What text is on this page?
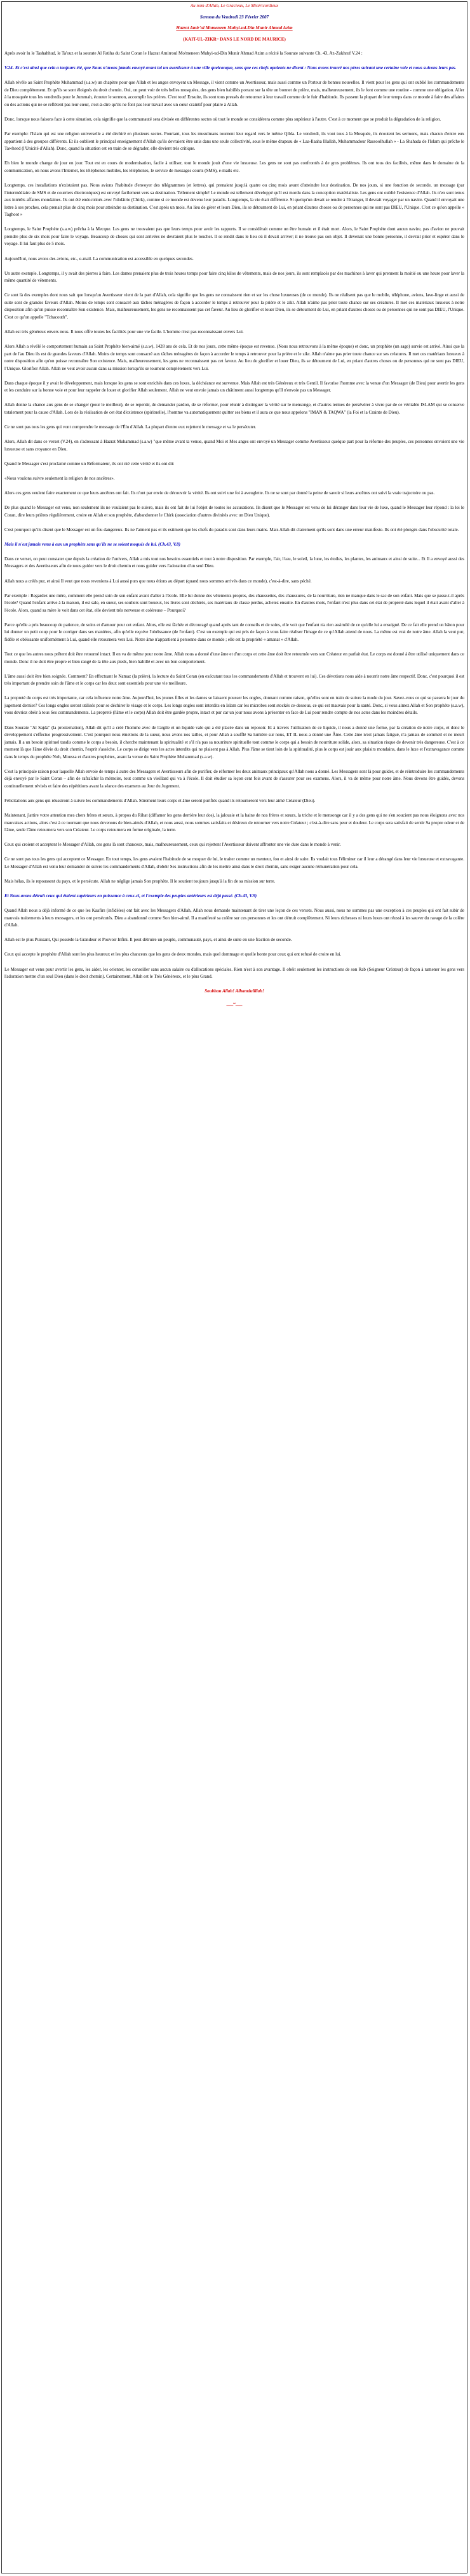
Au nom d'Allah, Le Gracieux, Le Miséricordieux
Sermon du Vendredi 23 Février 2007
Hazrat Amir'ul Momeneen Muhyi-ud-Din Munir Ahmad Azim
(KAIT-UL-ZIKR~ DANS LE NORD DE MAURICE)

Après avoir lu le Tashahhud, le Ta'ouz et la sourate Al Fatiha du Saint Coran le Hazrat Amirroul Mo'meneen Muhyi-ud-Din Munir Ahmad Azim a récité la Sourate suivante Ch. 43, Az-Zukhruf V.24 :

V.24- Et c'est ainsi que cela a toujours été, que Nous n'avons jamais envoyé avant toi un avertisseur à une ville quelconque, sans que ces chefs opulents ne disent : Nous avons trouvé nos pères suivant une certaine voie et nous suivons leurs pas.

Allah révèle au Saint Prophète Muhammad (s.a.w) un chapitre pour que Allah et les anges envoyent un Message, il vient comme un Avertisseur, mais aussi comme un Porteur de bonnes nouvelles. Il vient pour les gens qui ont oublié les commandements de Dieu complètement. Et qu'ils se sont éloignés du droit chemin. Oui, on peut voir de très belles mosquées, des gens bien habillés portant sur la tête un bonnet de prière, mais, malheureusement, ils le font comme une routine - comme une obligation. Aller à la mosquée tous les vendredis pour le Jummah, écouter le sermon, accomplir les prières. C'est tout! Ensuite, ils sont tous pressés de retourner à leur travail comme de le fuir d'habitude. Ils passent la plupart de leur temps dans ce monde à faire des affaires ou des actions qui ne se reflètent pas leur cœur, c'est-à-dire qu'ils ne font pas leur travail avec un cœur craintif pour plaire à Allah.

Donc, lorsque nous faisons face à cette situation, cela signifie que la communauté sera divisée en différentes sectes où tout le monde se considérera comme plus supérieur à l'autre. C'est à ce moment que se produit la dégradation de la religion.

Par exemple: l'Islam qui est une religion universelle a été déchiré en plusieurs sectes. Pourtant, tous les musulmans tournent leur regard vers le même Qibla. Le vendredi, ils vont tous à la Mosquée, ils écoutent les sermons, mais chacun d'entre eux appartient à des groupes différents. Et ils oublient le principal enseignement d'Allah qu'ils devraient être unis dans une seule collectivité, sous le même drapeau de « Laa-Ilaaha Illallah, Muhammadour Rassoolhullah » - La Shahada de l'Islam qui prêche le Tawheed (l'Unicité d'Allah). Donc, quand la situation est en train de se dégrader, elle devient très critique.

Eh bien le monde change de jour en jour. Tout est en cours de modernisation, facile à utiliser, tout le monde jouit d'une vie luxueuse. Les gens ne sont pas confrontés à de gros problèmes. Ils ont tous des facilités, même dans le domaine de la communication, où nous avons l'Internet, les téléphones mobiles, les téléphones, le service de messages courts (SMS), e-mails etc.

Longtemps, ces installations n'existaient pas. Nous avions l'habitude d'envoyer des télégrammes (et lettres), qui prenaient jusqu'à quatre ou cinq mois avant d'atteindre leur destination. De nos jours, si une fonction de seconde, un message (par l'intermédiaire de SMS et de courriers électroniques) est envoyé facilement vers sa destination. Tellement simple! Le monde est tellement développé qu'il est mordu dans la conception matérialiste. Les gens ont oublié l'existence d'Allah. Ils n'en sont tenus aux intérêts affaires mondaines. Ils ont été endoctrinés avec l'idolâtrie (Chirk), comme si ce monde est devenu leur paradis. Longtemps, la vie était différente. Si quelqu'un devait se rendre à l'étranger, il devrait voyager par un navire. Quand il envoyait une lettre à ses proches, cela prenait plus de cinq mois pour atteindre sa destination. C'est après un mois. Au lieu de gérer et leurs Dieu, ils se détournent de Lui, en priant d'autres choses ou de personnes qui ne sont pas DIEU, l'Unique. C'est ce qu'on appelle « Taghoot »

Longtemps, le Saint Prophète (s.a.w) prêcha à la Mecque. Les gens ne trouvaient pas que leurs temps pour avoir les rapports. Il se considérait comme un être humain et il était mort. Alors, le Saint Prophète dont aucun navire, pas d'avion ne pouvait prendre plus de six mois pour faire le voyage. Beaucoup de choses qui sont arrivées ne devraient plus le toucher. Il se rendit dans le lieu où il devait arriver; il ne trouve pas son objet. Il devenait une bonne personne, il devrait prier et espérer dans le voyage. Il lui faut plus de 5 mois.

Aujourd'hui, nous avons des avions, etc., e-mail. La communication est accessible en quelques secondes.

Un autre exemple. Longtemps, il y avait des pierres à faire. Les dames prenaient plus de trois heures temps pour faire cinq kilos de vêtements, mais de nos jours, ils sont remplacés par des machines à laver qui prennent la moitié ou une heure pour laver la même quantité de vêtements.

Ce sont là des exemples dont nous sait que lorsqu'un Avertisseur vient de la part d'Allah, cela signifie que les gens ne connaissent rien et sur les chose luxueuses (de ce monde). Ils ne réalisent pas que le mobile, téléphone, avions, lave-linge et aussi de suite sont de grandes faveurs d'Allah. Moins de temps sont consacré aux tâches ménagères de façon à accorder le temps à retrouver pour la prière et le zikr. Allah n'aime pas prier toute chance sur ses créatures. Il met ces matériaux luxueux à notre disposition afin qu'on puisse reconnaître Son existence. Mais, malheureusement, les gens ne reconnaissent pas cet faveur. Au lieu de glorifier et louer Dieu, ils se détournent de Lui, en priant d'autres choses ou de personnes qui ne sont pas DIEU, l'Unique. C'est ce qu'on appelle "Tchacouth".

Allah est très généreux envers nous. Il nous offre toutes les facilités pour une vie facile. L'homme n'est pas reconnaissant envers Lui.

Alors Allah a révélé le comportement humain au Saint Prophète bien-aimé (s.a.w), 1428 ans de cela. Et de nos jours, cette même époque est revenue. (Nous nous retrouvons à la même époque) et donc, un prophète (un sage) survie est arrivé. Ainsi que la part de l'au Dieu ils est de grandes faveurs d'Allah. Moins de temps sont consacré aux tâches ménagères de façon à accorder le temps à retrouver pour la prière et le zikr. Allah n'aime pas prier toute chance sur ses créatures. Il met ces matériaux luxueux à notre disposition afin qu'on puisse reconnaître Son existence. Mais, malheureusement, les gens ne reconnaissent pas cet faveur. Au lieu de glorifier et louer Dieu, ils se détournent de Lui, en priant d'autres choses ou de personnes qui ne sont pas DIEU, l'Unique. Glorifier Allah. Allah ne veut avoir aucun dans sa mission lorsqu'ils se tournent complètement vers Lui.

Dans chaque époque il y avait le développement, mais lorsque les gens se sont enrichés dans ces luxes, la déchéance est survenue. Mais Allah est très Généreux et très Gentil. Il favorise l'homme avec la venue d'un Messager (de Dieu) pour avertir les gens et les conduire sur la bonne voie et pour leur rappeler de louer et glorifier Allah seulement. Allah ne veut envoie jamais un châtiment aussi longtemps qu'Il n'envoie pas un Messager.

Allah donne la chance aux gens de se changer (pour le meilleur), de se repentir, de demander pardon, de se réformer, pour réunir à distinguer la vérité sur le mensonge, et d'autres termes de persévérer à vivre par de ce véritable ISLAM qui se conserve totalement pour la cause d'Allah. Lors de la réalisation de cet état d'existence (spirituelle), l'homme va automatiquement quitter ses biens et il aura ce que nous appelons "IMAN & TAQWA" (la Foi et la Crainte de Dieu).

Ce ne sont pas tous les gens qui vont comprendre le message de l'Élu d'Allah. La plupart d'entre eux rejettent le message et va le persécuter.

Alors, Allah dit dans ce verset (V.24), en s'adressant à Hazrat Muhammad (s.a.w) "que même avant ta venue, quand Moi et Mes anges ont envoyé un Messager comme Avertisseur quelque part pour la réforme des peuples, ces personnes envoient une vie luxueuse et sans croyance en Dieu.

Quand le Messager s'est proclamé comme un Réformateur, ils ont nié cette vérité et ils ont dit:

«Nous voulons suivre seulement la religion de nos ancêtres».

Alors ces gens veulent faire exactement ce que leurs ancêtres ont fait. Ils n'ont par envie de découvrir la vérité. Ils ont suivi une foi à aveuglette. Ils ne se sont par donné la peine de savoir si leurs ancêtres ont suivi la vraie trajectoire ou pas.

De plus quand le Messager est venu, non seulement ils ne voulaient pas le suivre, mais ils ont fait de lui l'objet de toutes les accusations. Ils disent que le Messager est venu de lui déranger dans leur vie de luxe, quand le Messager leur répond : la loi le Coran, dire leurs prières régulièrement, croire en Allah et son prophète, d'abandonner le Chirk (association d'autres divinités avec un Dieu Unique).

C'est pourquoi qu'ils disent que le Messager est un fou dangereux. Ils ne l'aiment pas et ils estiment que les chefs du paradis sont dans leurs mains. Mais Allah dit clairement qu'ils sont dans une erreur manifeste. Ils ont été plongés dans l'obscurité totale.

Mais il n'est jamais venu à eux un prophète sans qu'ils ne se soient moqués de lui. (Ch.43, V.8)

Dans ce verset, on peut constater que depuis la création de l'univers, Allah a mis tout nos besoins essentiels et tout à notre disposition. Par exemple, l'air, l'eau, le soleil, la lune, les étoiles, les plantes, les animaux et ainsi de suite... Et Il a envoyé aussi des Messagers et des Avertisseurs afin de nous guider vers le droit chemin et nous guider vers l'adoration d'un seul Dieu.

Allah nous a créés pur, et ainsi Il veut que nous revenions à Lui aussi purs que nous étions au départ (quand nous sommes arrivés dans ce monde), c'est-à-dire, sans péché.

Par exemple : Regardez une mère, comment elle prend soin de son enfant avant d'aller à l'école. Elle lui donne des vêtements propres, des chaussettes, des chaussures, de la nourriture, rien ne manque dans le sac de son enfant. Mais que se passe-t-il après l'école? Quand l'enfant arrive à la maison, il est sale, en sueur, ses souliers sont boueux, les livres sont déchirés, ses matériaux de classe perdus, achetez ensuite. En d'autres mots, l'enfant n'est plus dans cet état de propreté dans lequel il était avant d'aller à l'école. Alors, quand sa mère le voit dans cet état, elle devient très nerveuse et coléreuse – Pourquoi?

Parce qu'elle a pris beaucoup de patience, de soins et d'amour pour cet enfant. Alors, elle est fâchée et découragé quand après tant de conseils et de soins, elle voit que l'enfant n'a rien assimilé de ce qu'elle lui a enseigné. De ce fait elle prend un bâton pour lui donner un petit coup pour le corriger dans ses manières, afin qu'elle reçoive l'obéissance (de l'enfant). C'est un exemple qui est pris de façon à vous faire réaliser l'image de ce qu'Allah attend de nous. La même est vrai de notre âme. Allah la veut pur, fidèle et obéissante uniformément à Lui, quand elle retournera vers Lui. Notre âme n'appartient à personne dans ce monde ; elle est la propriété « amanat » d'Allah.

Tout ce que les autres nous prêtent doit être retourné intact. Il en va de même pour notre âme. Allah nous a donné d'une âme et d'un corps et cette âme doit être retournée vers son Créateur en parfait état. Le corps est donné à être utilisé uniquement dans ce monde. Donc il ne doit être propre et bien rangé de la tête aux pieds, bien habillé et avec un bon comportement.

L'âme aussi doit être bien soignée. Comment? En effectuant le Namaz (la prière), la lecture du Saint Coran (en exécutant tous les commandements d'Allah et trouvent en lui). Ces dévotions nous aide à nourrir notre âme respectif. Donc, c'est pourquoi il est très important de prendre soin de l'âme et le corps car les deux sont essentiels pour une vie meilleure.

La propreté du corps est très importante, car cela influence notre âme. Aujourd'hui, les jeunes filles et les dames se laissent pousser les ongles, donnant comme raison, qu'elles sont en train de suivre la mode du jour. Savez-vous ce qui se passera le jour du jugement dernier? Ces longs ongles seront utilisés pour se déchirer le visage et le corps. Les longs ongles sont interdits en Islam car les microbes sont stockés ce-dessous, ce qui est mauvais pour la santé. Donc, si vous aimez Allah et Son prophète (s.a.w), vous devriez obéir à tous Ses commandements. La propreté (l'âme et le corps) Allah doit être gardée propre, intact et pur car un jour nous avons à présenter en face de Lui pour rendre compte de nos actes dans les moindres détails.

Dans Sourate "Al Sajda" (la prosternation), Allah dit qu'Il a créé l'homme avec de l'argile et un liquide vale qui a été placée dans un reposoir. Et à travers l'utilisation de ce liquide, il nous a donné une forme, par la création de notre corps, et donc le développement s'effectue progressivement. C'est pourquoi nous émettons de la sueur, nous avons nos tailles, et pour Allah a soufflé Sa lumière sur nous, ET IL nous a donné une Âme. Cette âme n'est jamais fatigué, n'a jamais de sommeil et ne meurt jamais. Il a un besoin spirituel tandis comme le corps a besoin, il cherche maintenant la spiritualité et s'il n'a pas sa nourriture spirituelle tout comme le corps qui a besoin de nourriture solide, alors, sa situation risque de devenir très dangereuse. C'est à ce moment là que l'âme dévie du droit chemin, l'esprit s'assèche. Le corps se dirige vers les actes interdits qui ne plaisent pas à Allah. Plus l'âme se tient loin de la spiritualité, plus le corps est jouir aux plaisirs mondains, dans le luxe et l'extravagance comme dans le temps du prophète Noh, Moussa et d'autres prophètes, avant la venue du Saint Prophète Muhammad (s.a.w).

C'est la principale raison pour laquelle Allah envoie de temps à autre des Messagers et Avertisseurs afin de purifier, de réformer les deux animaux principaux qu'Allah nous a donné. Les Messagers sont là pour guider, et de réintroduire les commandements déjà envoyé par le Saint Coran – afin de rafraîchir la mémoire, tout comme un vieillard qui va à l'école. Il doit étudier sa leçon cent fois avant de s'assurer pour ses examens. Alors, il va de même pour notre âme. Nous devons être guidés, devons continuellement révisés et faire des répétitions avant la séance des examens au Jour du Jugement.

Félicitations aux gens qui réussiront à suivre les commandements d'Allah. Sûrement leurs corps et âme seront purifiés quand ils retourneront vers leur aimé Créateur (Dieu).

Maintenant, j'attire votre attention mes chers frères et sœurs, à propos du Rihat (diffamer les gens derrière leur dos), la jalousie et la haine de nos frères et sœurs, la triche et le mensonge car il y a des gens qui ne s'en soucient pas nous éloignons avec nos mauvaises actions, alors c'est à ce tournant que nous devenons de bien-aimés d'Allah, et nous aussi, nous sommes satisfaits et désireux de retourner vers notre Créateur ; c'est-à-dire sans peur et douleur. Le corps sera satisfait de sentir Sa propre odeur et de l'âme, seule l'âme retournera vers son Créateur. Le corps retournera en forme originale, la terre.

Ceux qui croient et acceptent le Messager d'Allah, ces gens là sont chanceux, mais, malheureusement, ceux qui rejettent l'Avertisseur doivent affronter une vie dure dans le monde à venir.

Ce ne sont pas tous les gens qui acceptent ce Messager. En tout temps, les gens avaient l'habitude de se moquer de lui, le traiter comme un menteur, fou et ainsi de suite. Ils voulait tous l'éliminer car il leur a dérangé dans leur vie luxueuse et extravagante. Le Messager d'Allah est venu leur demander de suivre les commandements d'Allah, d'obéir Ses instructions afin de les mettre ainsi dans le droit chemin, sans exiger aucune rémunération pour cela.

Mais hélas, ils le repoussent du pays, et le persécute. Allah ne néglige jamais Son prophète. Il le soutient toujours jusqu'à la fin de sa mission sur terre.

Et Nous avons détruit ceux qui étaient supérieurs en puissance à ceux-ci, et l'exemple des peuples antérieurs est déjà passé. (Ch.43, V.9)

Quand Allah nous a déjà informé de ce que les Kaafirs (infidèles) ont fait avec les Messagers d'Allah, Allah nous demande maintenant de tirer une leçon de ces versets. Nous aussi, nous ne sommes pas une exception à ces peuples qui ont fait subir de mauvais traitements à leurs messagers, et les ont persécutés. Dieu a abandonné comme Son bien-aimé. Il a manifesté sa colère sur ces personnes et les ont détruit complètement. Ni leurs richesses ni leurs luxes ont réussi à les sauver du ravage de la colère d'Allah.

Allah est le plus Puissant, Qui possède la Grandeur et Pouvoir Infini. Il peut détruire un peuple, communauté, pays, et ainsi de suite en une fraction de seconde.

Ceux qui accepte le prophète d'Allah sont les plus heureux et les plus chanceux que les gens de deux mondes, mais quel dommage et quelle honte pour ceux qui ont refusé de croire en lui.

Le Messager est venu pour avertir les gens, les aider, les orienter, les conseiller sans aucun salaire ou d'allocations spéciales. Rien n'est à son avantage. Il obéit seulement les instructions de son Rab (Seigneur Créateur) de façon à ramener les gens vers l'adoration mettre d'un seul Dieu (dans le droit chemin). Certainement, Allah est le Très Généreux, et le plus Grand.

Soubhan Allah! Alhamdulillah!
___~___
